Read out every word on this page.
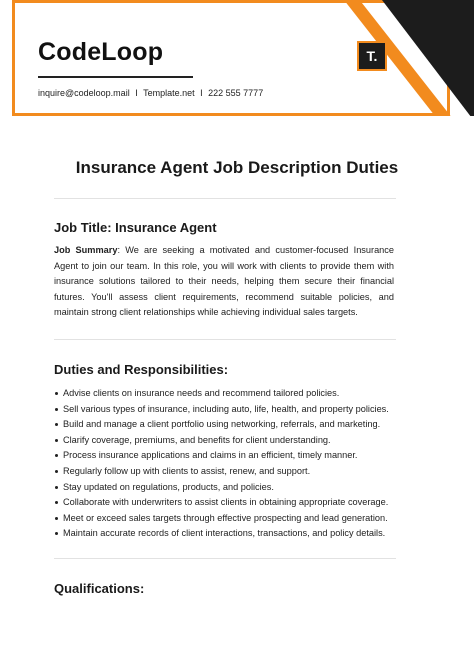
CodeLoop
inquire@codeloop.mail I Template.net I 222 555 7777
T.
Insurance Agent Job Description Duties
Job Title: Insurance Agent

Job Summary: We are seeking a motivated and customer-focused Insurance Agent to join our team. In this role, you will work with clients to provide them with insurance solutions tailored to their needs, helping them secure their financial futures. You'll assess client requirements, recommend suitable policies, and maintain strong client relationships while achieving individual sales targets.

Duties and Responsibilities:
Advise clients on insurance needs and recommend tailored policies.
Sell various types of insurance, including auto, life, health, and property policies.
Build and manage a client portfolio using networking, referrals, and marketing.
Clarify coverage, premiums, and benefits for client understanding.
Process insurance applications and claims in an efficient, timely manner.
Regularly follow up with clients to assist, renew, and support.
Stay updated on regulations, products, and policies.
Collaborate with underwriters to assist clients in obtaining appropriate coverage.
Meet or exceed sales targets through effective prospecting and lead generation.
Maintain accurate records of client interactions, transactions, and policy details.
Qualifications:
